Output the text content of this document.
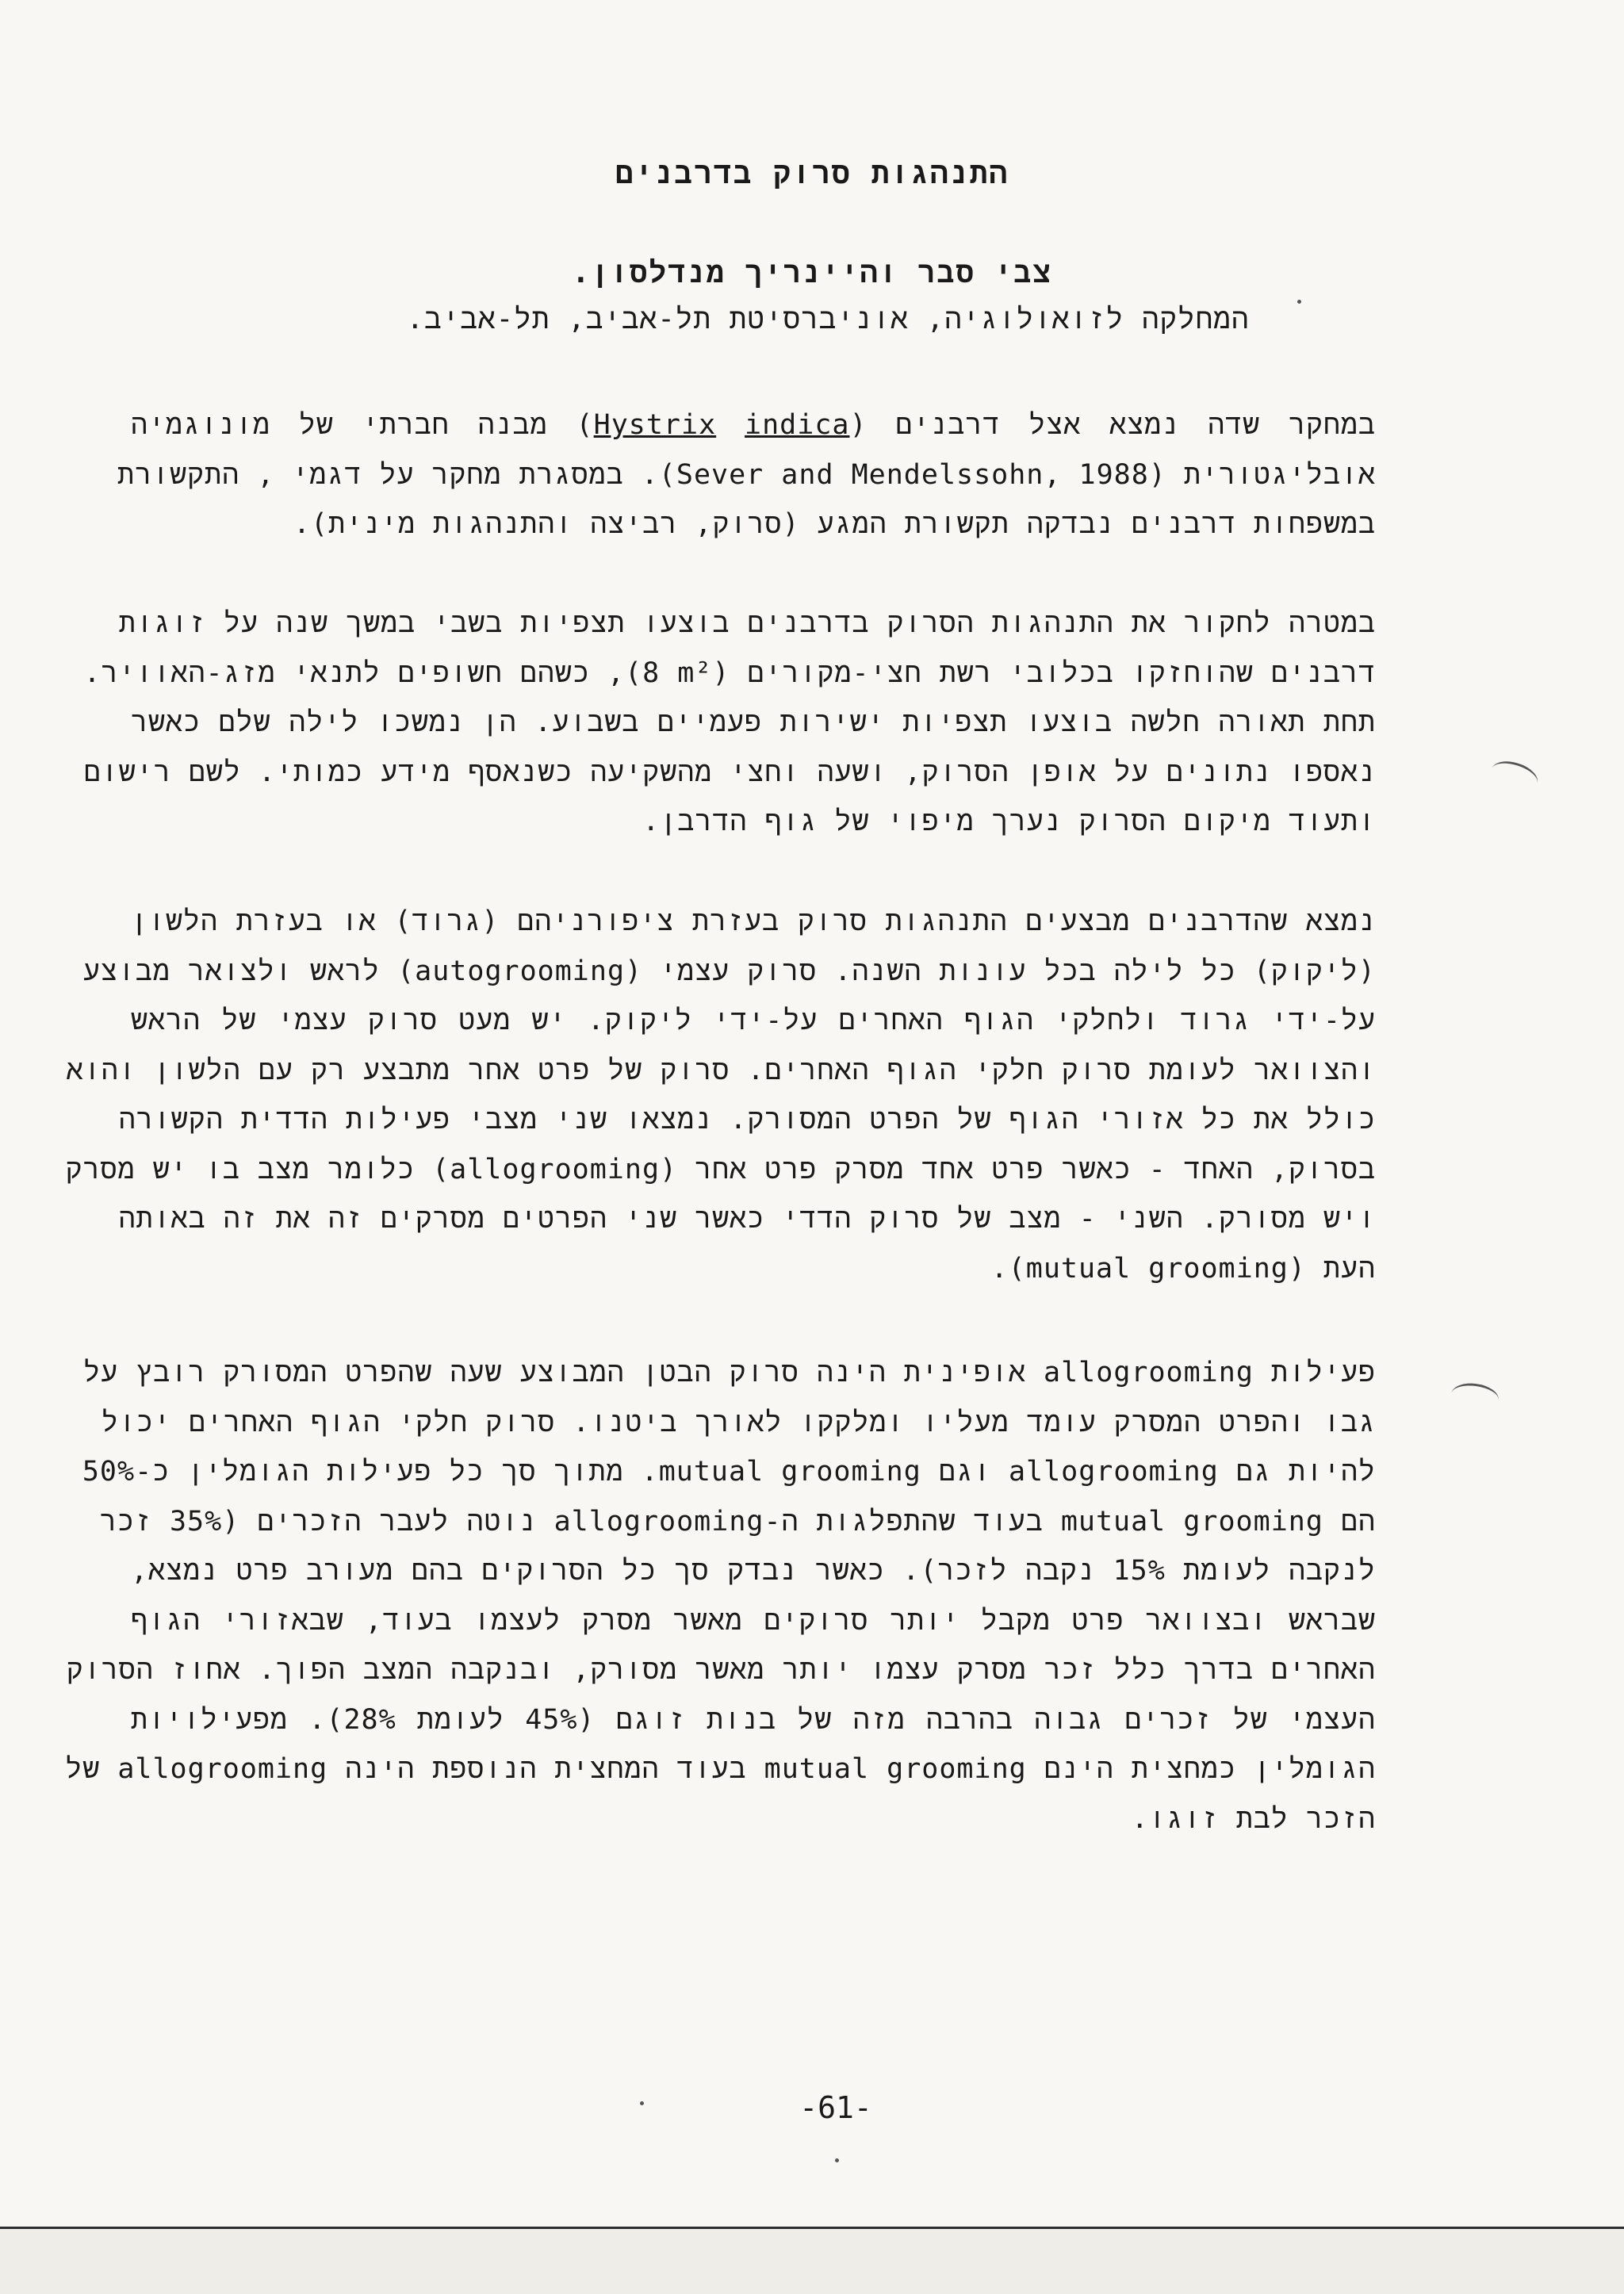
התנהגות סרוק בדרבנים
צבי סבר והיינריך מנדלסון.
המחלקה לזואולוגיה, אוניברסיטת תל-אביב, תל-אביב.
במחקר שדה נמצא אצל דרבנים (Hystrix indica) מבנה חברתי של מונוגמיה
אובליגטורית (Sever and Mendelssohn, 1988). במסגרת מחקר על דגמי , התקשורת
במשפחות דרבנים נבדקה תקשורת המגע (סרוק, רביצה והתנהגות מינית).
במטרה לחקור את התנהגות הסרוק בדרבנים בוצעו תצפיות בשבי במשך שנה על זוגות
דרבנים שהוחזקו בכלובי רשת חצי-מקורים (8 m²), כשהם חשופים לתנאי מזג-האוויר.
תחת תאורה חלשה בוצעו תצפיות ישירות פעמיים בשבוע. הן נמשכו לילה שלם כאשר
נאספו נתונים על אופן הסרוק, ושעה וחצי מהשקיעה כשנאסף מידע כמותי. לשם רישום
ותעוד מיקום הסרוק נערך מיפוי של גוף הדרבן.
נמצא שהדרבנים מבצעים התנהגות סרוק בעזרת ציפורניהם (גרוד) או בעזרת הלשון
(ליקוק) כל לילה בכל עונות השנה. סרוק עצמי (autogrooming) לראש ולצואר מבוצע
על-ידי גרוד ולחלקי הגוף האחרים על-ידי ליקוק. יש מעט סרוק עצמי של הראש
והצוואר לעומת סרוק חלקי הגוף האחרים. סרוק של פרט אחר מתבצע רק עם הלשון והוא
כולל את כל אזורי הגוף של הפרט המסורק. נמצאו שני מצבי פעילות הדדית הקשורה
בסרוק, האחד - כאשר פרט אחד מסרק פרט אחר (allogrooming) כלומר מצב בו יש מסרק
ויש מסורק. השני - מצב של סרוק הדדי כאשר שני הפרטים מסרקים זה את זה באותה
העת (mutual grooming).
פעילות allogrooming אופינית הינה סרוק הבטן המבוצע שעה שהפרט המסורק רובץ על
גבו והפרט המסרק עומד מעליו ומלקקו לאורך ביטנו. סרוק חלקי הגוף האחרים יכול
להיות גם allogrooming וגם mutual grooming. מתוך סך כל פעילות הגומלין כ-50%
הם mutual grooming בעוד שהתפלגות ה-allogrooming נוטה לעבר הזכרים (35% זכר
לנקבה לעומת 15% נקבה לזכר). כאשר נבדק סך כל הסרוקים בהם מעורב פרט נמצא,
שבראש ובצוואר פרט מקבל יותר סרוקים מאשר מסרק לעצמו בעוד, שבאזורי הגוף
האחרים בדרך כלל זכר מסרק עצמו יותר מאשר מסורק, ובנקבה המצב הפוך. אחוז הסרוק
העצמי של זכרים גבוה בהרבה מזה של בנות זוגם (45% לעומת 28%). מפעילויות
הגומלין כמחצית הינם mutual grooming בעוד המחצית הנוספת הינה allogrooming של
הזכר לבת זוגו.
-61-
